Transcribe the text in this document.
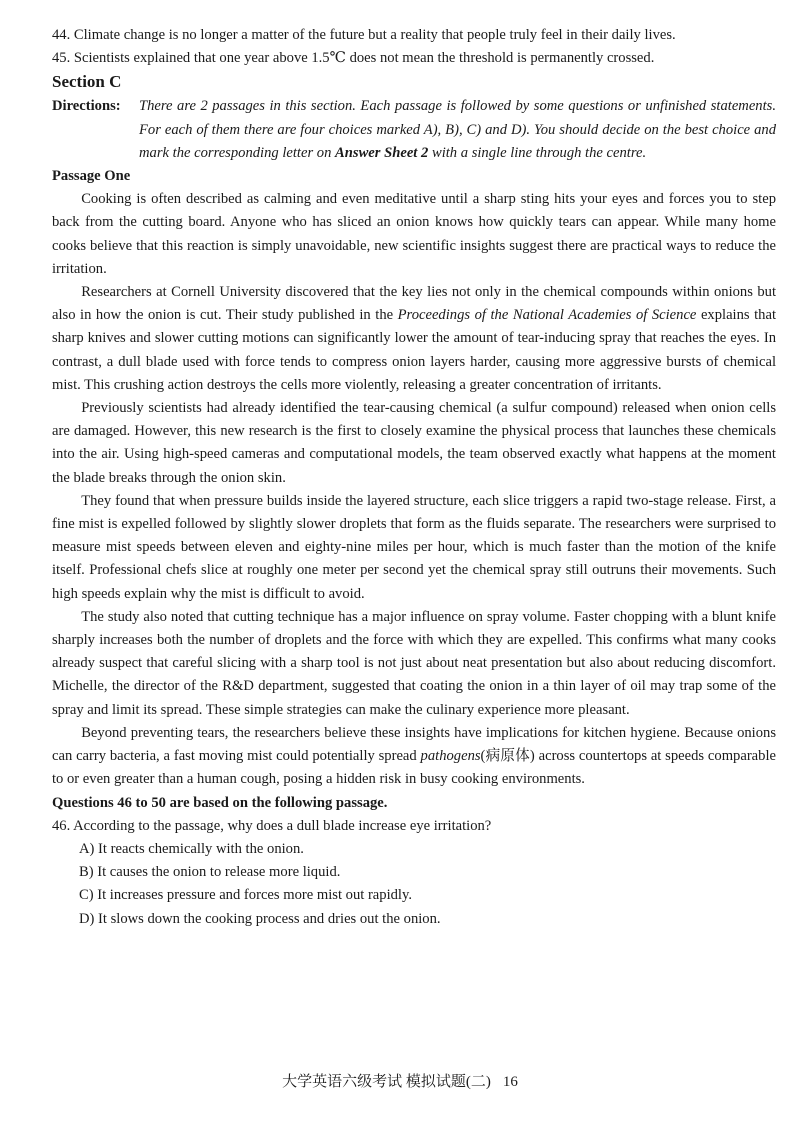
44. Climate change is no longer a matter of the future but a reality that people truly feel in their daily lives.

45. Scientists explained that one year above 1.5℃ does not mean the threshold is permanently crossed.

Section C
Directions: There are 2 passages in this section. Each passage is followed by some questions or unfinished statements. For each of them there are four choices marked A), B), C) and D). You should decide on the best choice and mark the corresponding letter on Answer Sheet 2 with a single line through the centre.

Passage One

Cooking is often described as calming and even meditative until a sharp sting hits your eyes and forces you to step back from the cutting board. Anyone who has sliced an onion knows how quickly tears can appear. While many home cooks believe that this reaction is simply unavoidable, new scientific insights suggest there are practical ways to reduce the irritation.

Researchers at Cornell University discovered that the key lies not only in the chemical compounds within onions but also in how the onion is cut. Their study published in the Proceedings of the National Academies of Science explains that sharp knives and slower cutting motions can significantly lower the amount of tear-inducing spray that reaches the eyes. In contrast, a dull blade used with force tends to compress onion layers harder, causing more aggressive bursts of chemical mist. This crushing action destroys the cells more violently, releasing a greater concentration of irritants.

Previously scientists had already identified the tear-causing chemical (a sulfur compound) released when onion cells are damaged. However, this new research is the first to closely examine the physical process that launches these chemicals into the air. Using high-speed cameras and computational models, the team observed exactly what happens at the moment the blade breaks through the onion skin.

They found that when pressure builds inside the layered structure, each slice triggers a rapid two-stage release. First, a fine mist is expelled followed by slightly slower droplets that form as the fluids separate. The researchers were surprised to measure mist speeds between eleven and eighty-nine miles per hour, which is much faster than the motion of the knife itself. Professional chefs slice at roughly one meter per second yet the chemical spray still outruns their movements. Such high speeds explain why the mist is difficult to avoid.

The study also noted that cutting technique has a major influence on spray volume. Faster chopping with a blunt knife sharply increases both the number of droplets and the force with which they are expelled. This confirms what many cooks already suspect that careful slicing with a sharp tool is not just about neat presentation but also about reducing discomfort. Michelle, the director of the R&D department, suggested that coating the onion in a thin layer of oil may trap some of the spray and limit its spread. These simple strategies can make the culinary experience more pleasant.

Beyond preventing tears, the researchers believe these insights have implications for kitchen hygiene. Because onions can carry bacteria, a fast moving mist could potentially spread pathogens(病原体) across countertops at speeds comparable to or even greater than a human cough, posing a hidden risk in busy cooking environments.

Questions 46 to 50 are based on the following passage.

46. According to the passage, why does a dull blade increase eye irritation?

A) It reacts chemically with the onion.

B) It causes the onion to release more liquid.

C) It increases pressure and forces more mist out rapidly.

D) It slows down the cooking process and dries out the onion.

大学英语六级考试 模拟试题(二) 16
